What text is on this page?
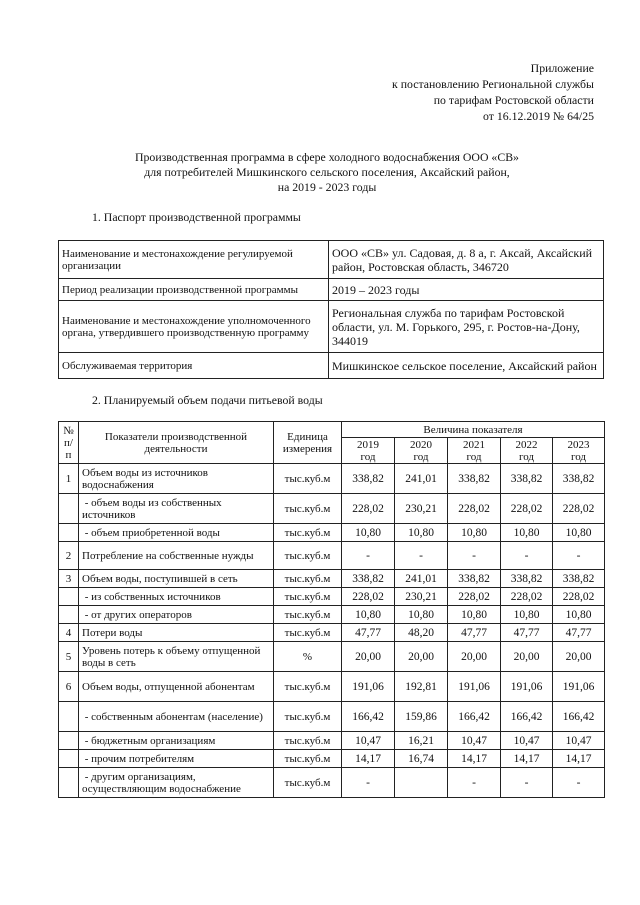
Приложение
к постановлению Региональной службы
по тарифам Ростовской области
от 16.12.2019 № 64/25
Производственная программа в сфере холодного водоснабжения ООО «СВ»
для потребителей Мишкинского сельского поселения, Аксайский район,
на 2019 - 2023 годы
1. Паспорт производственной программы
Наименование и местонахождение регулируемой организации	ООО «СВ» ул. Садовая, д. 8 а, г. Аксай, Аксайский район, Ростовская область, 346720
Период реализации производственной программы	2019 – 2023 годы
Наименование и местонахождение уполномоченного органа, утвердившего производственную программу	Региональная служба по тарифам Ростовской области, ул. М. Горького, 295, г. Ростов-на-Дону, 344019
Обслуживаемая территория	Мишкинское сельское поселение, Аксайский район
2. Планируемый объем подачи питьевой воды
№ п/п	Показатели производственной деятельности	Единица измерения	Величина показателя				
			2019 год	2020 год	2021 год	2022 год	2023 год
1	Объем воды из источников водоснабжения	тыс.куб.м	338,82	241,01	338,82	338,82	338,82
	- объем воды из собственных источников	тыс.куб.м	228,02	230,21	228,02	228,02	228,02
	- объем приобретенной воды	тыс.куб.м	10,80	10,80	10,80	10,80	10,80
2	Потребление на собственные нужды	тыс.куб.м	-	-	-	-	-
3	Объем воды, поступившей в сеть	тыс.куб.м	338,82	241,01	338,82	338,82	338,82
	- из собственных источников	тыс.куб.м	228,02	230,21	228,02	228,02	228,02
	- от других операторов	тыс.куб.м	10,80	10,80	10,80	10,80	10,80
4	Потери воды	тыс.куб.м	47,77	48,20	47,77	47,77	47,77
5	Уровень потерь к объему отпущенной воды в сеть	%	20,00	20,00	20,00	20,00	20,00
6	Объем воды, отпущенной абонентам	тыс.куб.м	191,06	192,81	191,06	191,06	191,06
	- собственным абонентам (население)	тыс.куб.м	166,42	159,86	166,42	166,42	166,42
	- бюджетным организациям	тыс.куб.м	10,47	16,21	10,47	10,47	10,47
	- прочим потребителям	тыс.куб.м	14,17	16,74	14,17	14,17	14,17
	- другим организациям, осуществляющим водоснабжение	тыс.куб.м	-		-	-	-
